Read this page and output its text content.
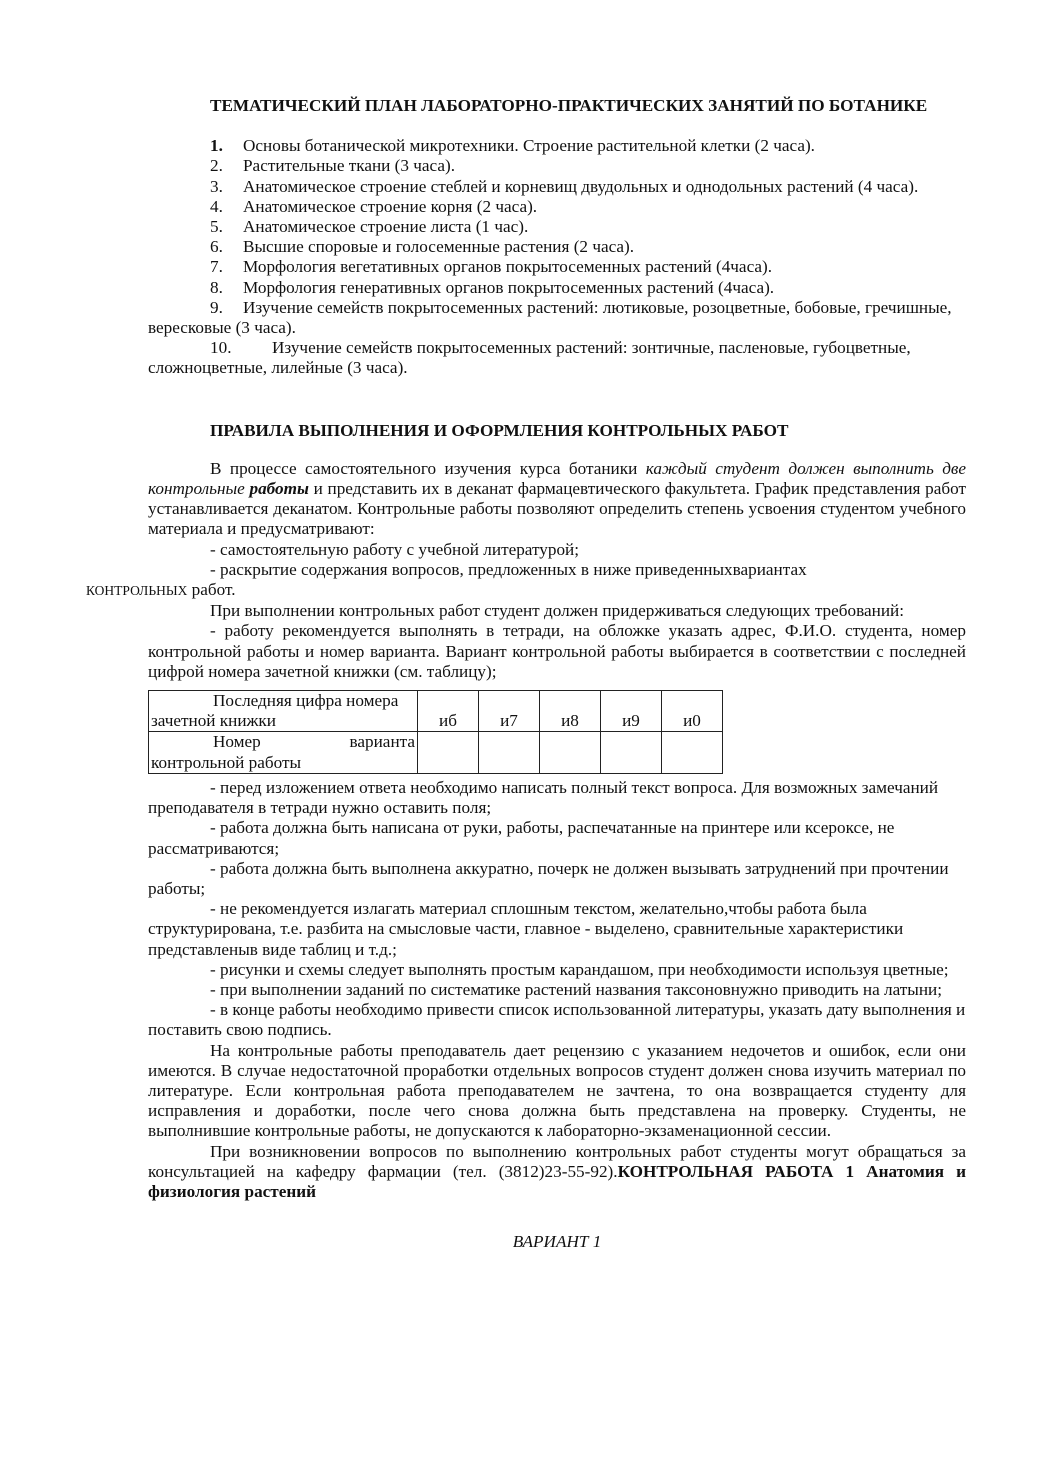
ТЕМАТИЧЕСКИЙ ПЛАН ЛАБОРАТОРНО-ПРАКТИЧЕСКИХ ЗАНЯТИЙ ПО БОТАНИКЕ

1. Основы ботанической микротехники. Строение растительной клетки (2 часа).

2. Растительные ткани (3 часа).

3. Анатомическое строение стеблей и корневищ двудольных и однодольных растений (4 часа).

4. Анатомическое строение корня (2 часа).

5. Анатомическое строение листа (1 час).

6. Высшие споровые и голосеменные растения (2 часа).

7. Морфология вегетативных органов покрытосеменных растений (4часа).

8. Морфология генеративных органов покрытосеменных растений (4часа).

9. Изучение семейств покрытосеменных растений: лютиковые, розоцветные, бобовые, гречишные, вересковые (3 часа).

10. Изучение семейств покрытосеменных растений: зонтичные, пасленовые, губоцветные, сложноцветные, лилейные (3 часа).

ПРАВИЛА ВЫПОЛНЕНИЯ И ОФОРМЛЕНИЯ КОНТРОЛЬНЫХ РАБОТ

В процессе самостоятельного изучения курса ботаники каждый студент должен выполнить две контрольные работы и представить их в деканат фармацевтического факультета. График представления работ устанавливается деканатом. Контрольные работы позволяют определить степень усвоения студентом учебного материала и предусматривают:

- самостоятельную работу с учебной литературой;

- раскрытие содержания вопросов, предложенных в ниже приведенныхвариантах
КОНТРОЛЬНЫХ работ.

При выполнении контрольных работ студент должен придерживаться следующих требований:

- работу рекомендуется выполнять в тетради, на обложке указать адрес, Ф.И.О. студента, номер контрольной работы и номер варианта. Вариант контрольной работы выбирается в соответствии с последней цифрой номера зачетной книжки (см. таблицу);

Последняя цифра номера
зачетной книжки	иб	и7	и8	и9	и0

Номер варианта
контрольной работы					

- перед изложением ответа необходимо написать полный текст вопроса. Для возможных замечаний преподавателя в тетради нужно оставить поля;

- работа должна быть написана от руки, работы, распечатанные на принтере или ксероксе, не рассматриваются;

- работа должна быть выполнена аккуратно, почерк не должен вызывать затруднений при прочтении работы;

- не рекомендуется излагать материал сплошным текстом, желательно,чтобы работа была структурирована, т.е. разбита на смысловые части, главное - выделено, сравнительные характеристики представленыв виде таблиц и т.д.;

- рисунки и схемы следует выполнять простым карандашом, при необходимости используя цветные;

- при выполнении заданий по систематике растений названия таксоновнужно приводить на латыни;

- в конце работы необходимо привести список использованной литературы, указать дату выполнения и поставить свою подпись.

На контрольные работы преподаватель дает рецензию с указанием недочетов и ошибок, если они имеются. В случае недостаточной проработки отдельных вопросов студент должен снова изучить материал по литературе. Если контрольная работа преподавателем не зачтена, то она возвращается студенту для исправления и доработки, после чего снова должна быть представлена на проверку. Студенты, не выполнившие контрольные работы, не допускаются к лабораторно-экзаменационной сессии.

При возникновении вопросов по выполнению контрольных работ студенты могут обращаться за консультацией на кафедру фармации (тел. (3812)23-55-92).КОНТРОЛЬНАЯ РАБОТА 1 Анатомия и физиология растений

ВАРИАНТ 1
